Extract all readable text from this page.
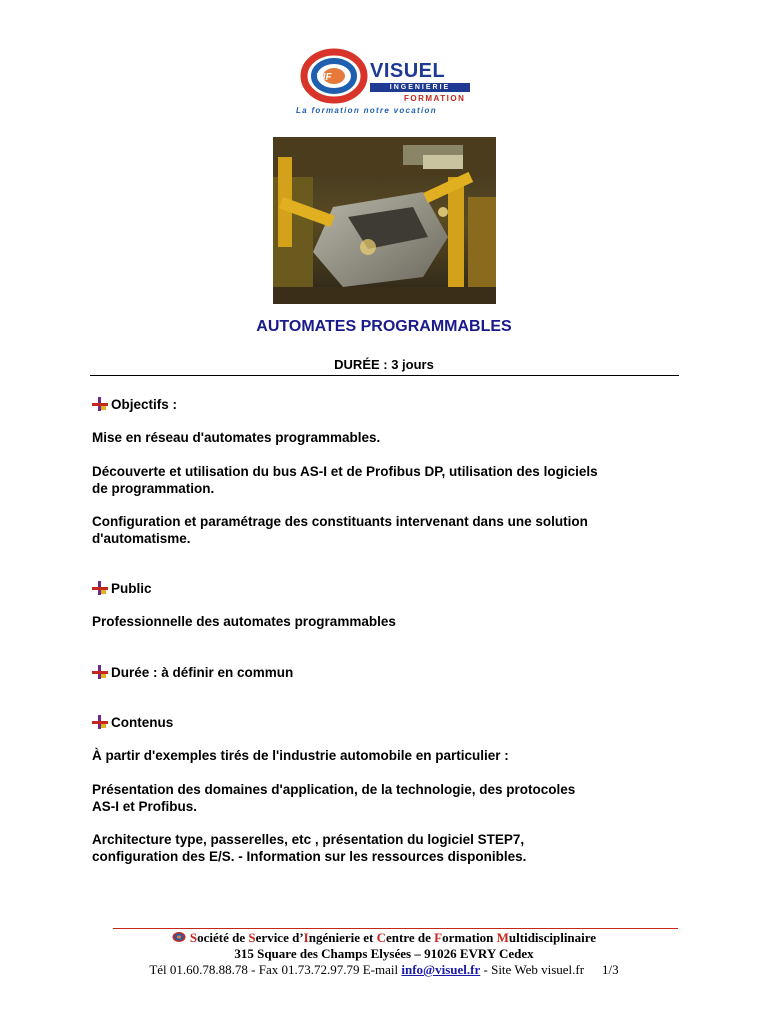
VIF VISUEL
INGENIERIE
FORMATION
La formation notre vocation
AUTOMATES PROGRAMMABLES
DURÉE : 3 jours
Objectifs :
Mise en réseau d'automates programmables.
Découverte et utilisation du bus AS-I et de Profibus DP, utilisation des logiciels
de programmation.
Configuration et paramétrage des constituants intervenant dans une solution
d'automatisme.
Public
Professionnelle des automates programmables
Durée : à définir en commun
Contenus
À partir d'exemples tirés de l'industrie automobile en particulier :
Présentation des domaines d'application, de la technologie, des protocoles
AS-I et Profibus.
Architecture type, passerelles, etc , présentation du logiciel STEP7,
configuration des E/S. - Information sur les ressources disponibles.
Société de Service d’Ingénierie et Centre de Formation Multidisciplinaire
315 Square des Champs Elysées – 91026 EVRY Cedex
Tél 01.60.78.88.78 - Fax 01.73.72.97.79 E-mail info@visuel.fr - Site Web visuel.fr 1/3
